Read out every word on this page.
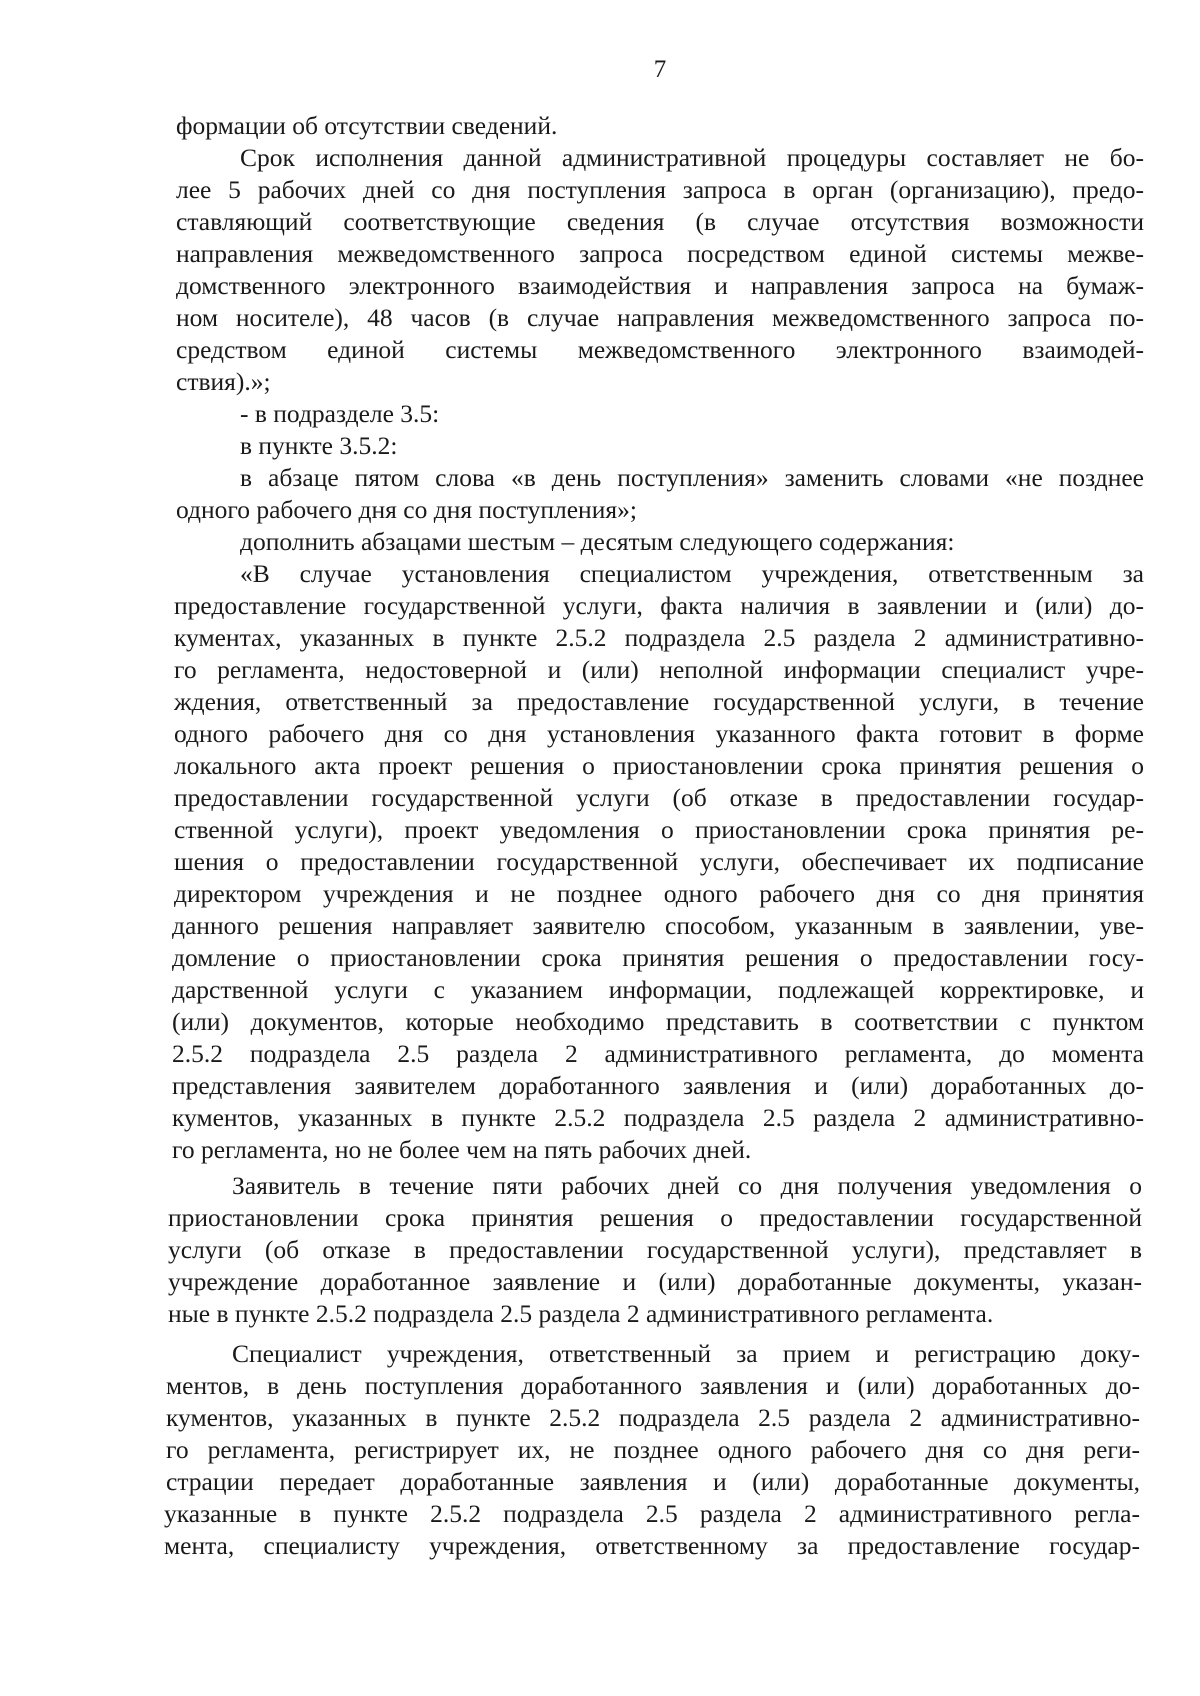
7
формации об отсутствии сведений.
Срок исполнения данной административной процедуры составляет не бо-
лее 5 рабочих дней со дня поступления запроса в орган (организацию), предо-
ставляющий соответствующие сведения (в случае отсутствия возможности
направления межведомственного запроса посредством единой системы межве-
домственного электронного взаимодействия и направления запроса на бумаж-
ном носителе), 48 часов (в случае направления межведомственного запроса по-
средством единой системы межведомственного электронного взаимодей-
ствия).»;
- в подразделе 3.5:
в пункте 3.5.2:
в абзаце пятом слова «в день поступления» заменить словами «не позднее
одного рабочего дня со дня поступления»;
дополнить абзацами шестым – десятым следующего содержания:
«В случае установления специалистом учреждения, ответственным за
предоставление государственной услуги, факта наличия в заявлении и (или) до-
кументах, указанных в пункте 2.5.2 подраздела 2.5 раздела 2 административно-
го регламента, недостоверной и (или) неполной информации специалист учре-
ждения, ответственный за предоставление государственной услуги, в течение
одного рабочего дня со дня установления указанного факта готовит в форме
локального акта проект решения о приостановлении срока принятия решения о
предоставлении государственной услуги (об отказе в предоставлении государ-
ственной услуги), проект уведомления о приостановлении срока принятия ре-
шения о предоставлении государственной услуги, обеспечивает их подписание
директором учреждения и не позднее одного рабочего дня со дня принятия
данного решения направляет заявителю способом, указанным в заявлении, уве-
домление о приостановлении срока принятия решения о предоставлении госу-
дарственной услуги с указанием информации, подлежащей корректировке, и
(или) документов, которые необходимо представить в соответствии с пунктом
2.5.2 подраздела 2.5 раздела 2 административного регламента, до момента
представления заявителем доработанного заявления и (или) доработанных до-
кументов, указанных в пункте 2.5.2 подраздела 2.5 раздела 2 административно-
го регламента, но не более чем на пять рабочих дней.
Заявитель в течение пяти рабочих дней со дня получения уведомления о
приостановлении срока принятия решения о предоставлении государственной
услуги (об отказе в предоставлении государственной услуги), представляет в
учреждение доработанное заявление и (или) доработанные документы, указан-
ные в пункте 2.5.2 подраздела 2.5 раздела 2 административного регламента.
Специалист учреждения, ответственный за прием и регистрацию доку-
ментов, в день поступления доработанного заявления и (или) доработанных до-
кументов, указанных в пункте 2.5.2 подраздела 2.5 раздела 2 административно-
го регламента, регистрирует их, не позднее одного рабочего дня со дня реги-
страции передает доработанные заявления и (или) доработанные документы,
указанные в пункте 2.5.2 подраздела 2.5 раздела 2 административного регла-
мента, специалисту учреждения, ответственному за предоставление государ-
